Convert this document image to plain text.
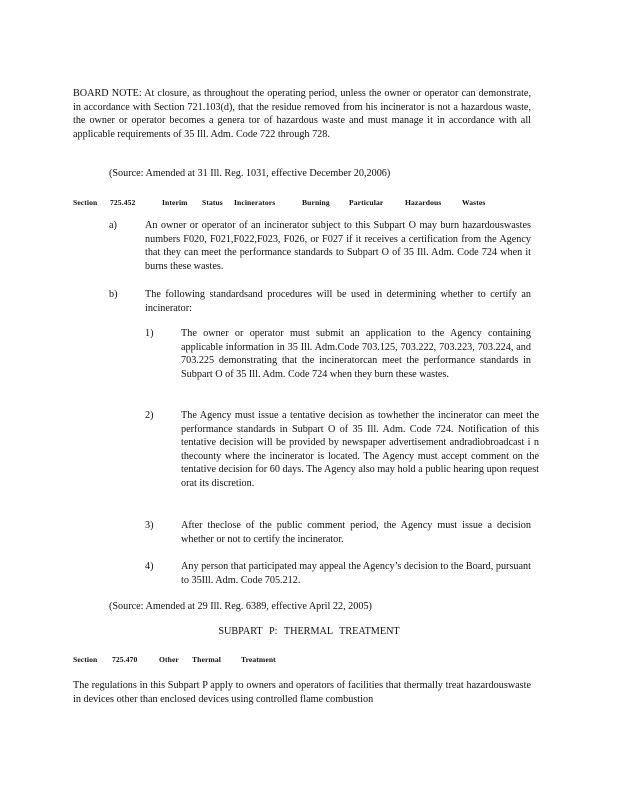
BOARD NOTE: At closure, as throughout the operating period, unless the owner or operator can demonstrate, in accordance with Section 721.103(d), that the residue removed from his incinerator is not a hazardous waste, the owner or operator becomes a genera tor of hazardous waste and must manage it in accordance with all applicable requirements of 35 Ill. Adm. Code 722 through 728.

(Source: Amended at 31 Ill. Reg. 1031, effective December 20,2006)

Section 725.452	Interim Status Incinerators	Burning	Particular	Hazardous	Wastes
a)	An owner or operator of an incinerator subject to this Subpart O may burn hazardouswastes numbers F020, F021,F022,F023, F026, or F027 if it receives a certification from the Agency that they can meet the performance standards to Subpart O of 35 Ill. Adm. Code 724 when it burns these wastes.

b)	The following standardsand procedures will be used in determining whether to certify an incinerator:

1)	The owner or operator must submit an application to the Agency containing applicable information in 35 Ill. Adm.Code 703.125, 703.222, 703.223, 703.224, and 703.225 demonstrating that the incineratorcan meet the performance standards in Subpart O of 35 Ill. Adm. Code 724 when they burn these wastes.

2)	The Agency must issue a tentative decision as towhether the incinerator can meet the performance standards in Subpart O of 35 Ill. Adm. Code 724. Notification of this tentative decision will be provided by newspaper advertisement andradiobroadcast i n thecounty where the incinerator is located. The Agency must accept comment on the tentative decision for 60 days. The Agency also may hold a public hearing upon request orat its discretion.

3)	After theclose of the public comment period, the Agency must issue a decision whether or not to certify the incinerator.

4)	Any person that participated may appeal the Agency’s decision to the Board, pursuant to 35Ill. Adm. Code 705.212.

(Source: Amended at 29 Ill. Reg. 6389, effective April 22, 2005)

SUBPART P: THERMAL TREATMENT
Section 725.470	Other Thermal	Treatment

The regulations in this Subpart P apply to owners and operators of facilities that thermally treat hazardouswaste in devices other than enclosed devices using controlled flame combustion
